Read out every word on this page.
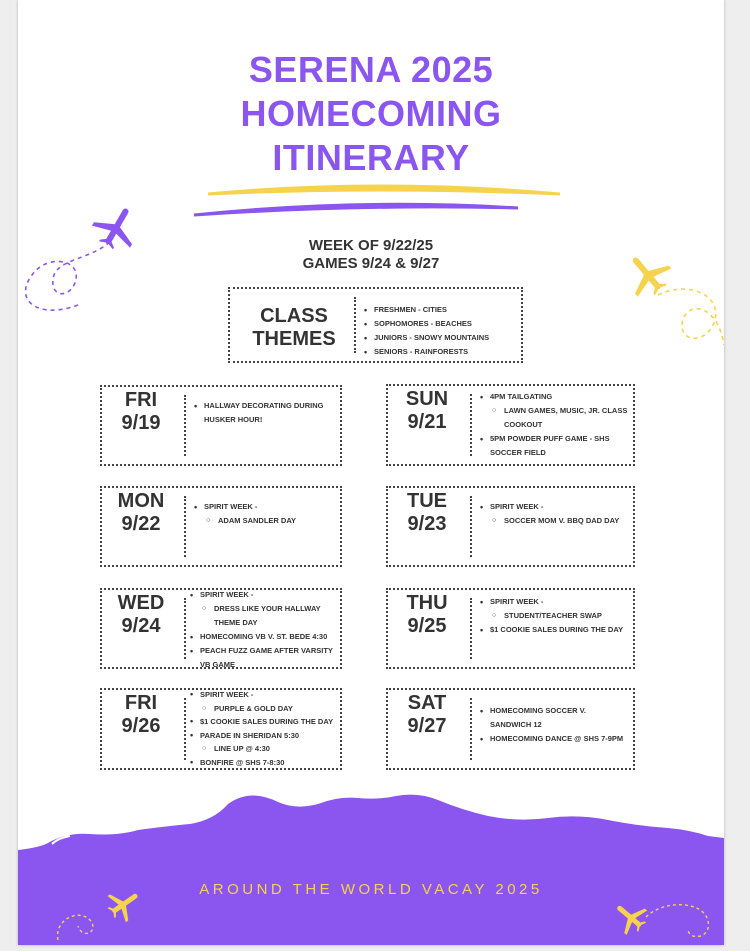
SERENA 2025
HOMECOMING
ITINERARY
WEEK OF 9/22/25
GAMES 9/24 & 9/27
CLASS
THEMES
• FRESHMEN - CITIES
• SOPHOMORES - BEACHES
• JUNIORS - SNOWY MOUNTAINS
• SENIORS - RAINFORESTS
FRI
9/19
• HALLWAY DECORATING DURING HUSKER HOUR!
SUN
9/21
• 4PM TAILGATING
○ LAWN GAMES, MUSIC, JR. CLASS COOKOUT
• 5PM POWDER PUFF GAME - SHS SOCCER FIELD
MON
9/22
• SPIRIT WEEK -
○ ADAM SANDLER DAY
TUE
9/23
• SPIRIT WEEK -
○ SOCCER MOM V. BBQ DAD DAY
WED
9/24
• SPIRIT WEEK -
○ DRESS LIKE YOUR HALLWAY THEME DAY
• HOMECOMING VB V. ST. BEDE 4:30
• PEACH FUZZ GAME AFTER VARSITY VB GAME
THU
9/25
• SPIRIT WEEK -
○ STUDENT/TEACHER SWAP
• $1 COOKIE SALES DURING THE DAY
FRI
9/26
• SPIRIT WEEK -
○ PURPLE & GOLD DAY
• $1 COOKIE SALES DURING THE DAY
• PARADE IN SHERIDAN 5:30
○ LINE UP @ 4:30
• BONFIRE @ SHS 7-8:30
SAT
9/27
• HOMECOMING SOCCER V. SANDWICH 12
• HOMECOMING DANCE @ SHS 7-9PM
AROUND THE WORLD VACAY 2025
